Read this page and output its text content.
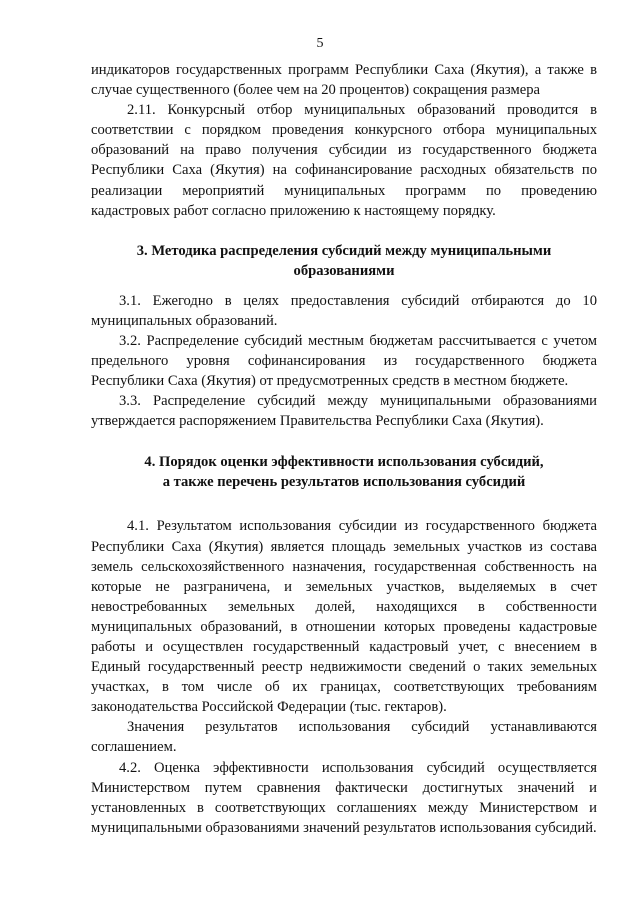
5

индикаторов государственных программ Республики Саха (Якутия), а также в случае существенного (более чем на 20 процентов) сокращения размера

2.11. Конкурсный отбор муниципальных образований проводится в соответствии с порядком проведения конкурсного отбора муниципальных образований на право получения субсидии из государственного бюджета Республики Саха (Якутия) на софинансирование расходных обязательств по реализации мероприятий муниципальных программ по проведению кадастровых работ согласно приложению к настоящему порядку.

3. Методика распределения субсидий между муниципальными

образованиями

3.1. Ежегодно в целях предоставления субсидий отбираются до 10 муниципальных образований.

3.2. Распределение субсидий местным бюджетам рассчитывается с учетом предельного уровня софинансирования из государственного бюджета Республики Саха (Якутия) от предусмотренных средств в местном бюджете.

3.3. Распределение субсидий между муниципальными образованиями утверждается распоряжением Правительства Республики Саха (Якутия).

4. Порядок оценки эффективности использования субсидий,

а также перечень результатов использования субсидий

4.1. Результатом использования субсидии из государственного бюджета Республики Саха (Якутия) является площадь земельных участков из состава земель сельскохозяйственного назначения, государственная собственность на которые не разграничена, и земельных участков, выделяемых в счет невостребованных земельных долей, находящихся в собственности муниципальных образований, в отношении которых проведены кадастровые работы и осуществлен государственный кадастровый учет, с внесением в Единый государственный реестр недвижимости сведений о таких земельных участках, в том числе об их границах, соответствующих требованиям законодательства Российской Федерации (тыс. гектаров).

Значения результатов использования субсидий устанавливаются соглашением.

4.2. Оценка эффективности использования субсидий осуществляется Министерством путем сравнения фактически достигнутых значений и установленных в соответствующих соглашениях между Министерством и муниципальными образованиями значений результатов использования субсидий.
